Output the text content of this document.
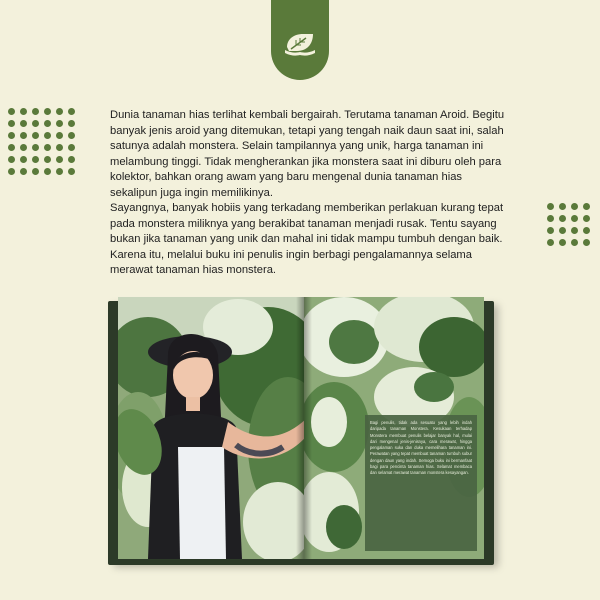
Dunia tanaman hias terlihat kembali bergairah. Terutama tanaman Aroid. Begitu banyak jenis aroid yang ditemukan, tetapi yang tengah naik daun saat ini, salah satunya adalah monstera. Selain tampilannya yang unik, harga tanaman ini melambung tinggi. Tidak mengherankan jika monstera saat ini diburu oleh para kolektor, bahkan orang awam yang baru mengenal dunia tanaman hias sekalipun juga ingin memilikinya.

Sayangnya, banyak hobiis yang terkadang memberikan perlakuan kurang tepat pada monstera miliknya yang berakibat tanaman menjadi rusak. Tentu sayang bukan jika tanaman yang unik dan mahal ini tidak mampu tumbuh dengan baik. Karena itu, melalui buku ini penulis ingin berbagi pengalamannya selama merawat tanaman hias monstera.

Bagi penulis, tidak ada sesuatu yang lebih indah daripada tanaman Monstera. Kesukaan terhadap Monstera membuat penulis belajar banyak hal, mulai dari mengenal jenis-jenisnya, cara merawat, hingga pengalaman suka dan duka memelihara tanaman ini. Perawatan yang tepat membuat tanaman tumbuh subur dengan daun yang indah. Semoga buku ini bermanfaat bagi para pencinta tanaman hias. Selamat membaca dan selamat merawat tanaman monstera kesayangan.
